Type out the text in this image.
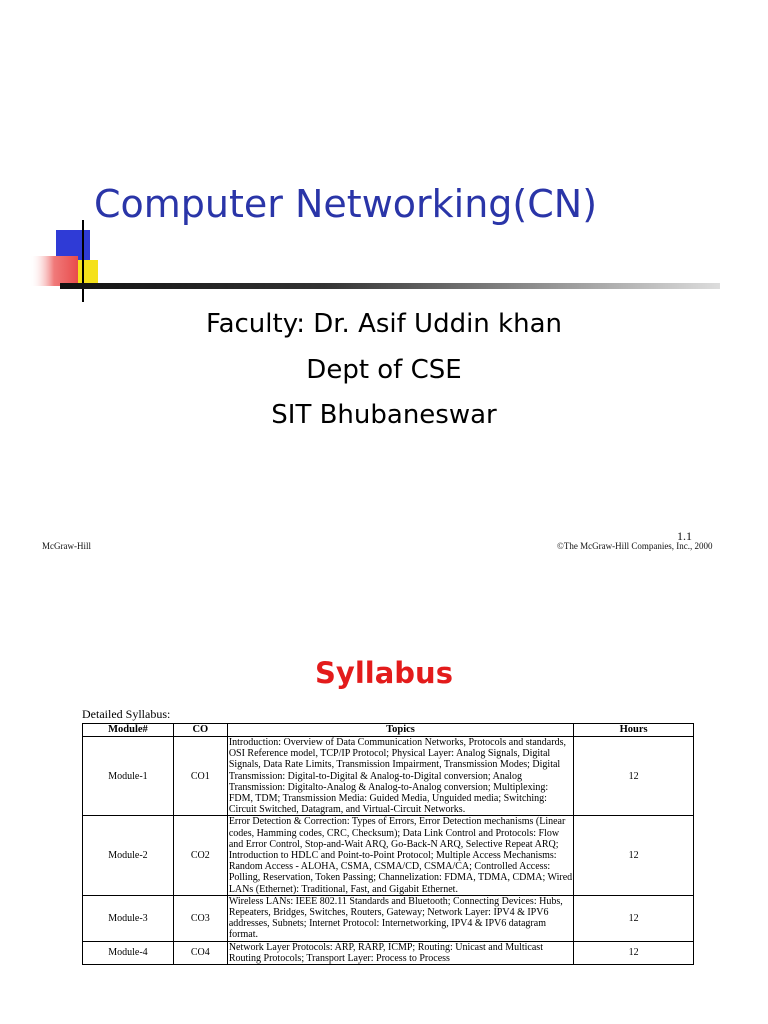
Computer Networking(CN)
Faculty: Dr. Asif Uddin khan
Dept of CSE
SIT Bhubaneswar
McGraw-Hill
1.1
©The McGraw-Hill Companies, Inc., 2000
Syllabus
Detailed Syllabus:
Module#	CO	Topics	Hours
Module-1	CO1	Introduction: Overview of Data Communication Networks, Protocols and standards, OSI Reference model, TCP/IP Protocol; Physical Layer: Analog Signals, Digital Signals, Data Rate Limits, Transmission Impairment, Transmission Modes; Digital Transmission: Digital-to-Digital & Analog-to-Digital conversion; Analog Transmission: Digitalto-Analog & Analog-to-Analog conversion; Multiplexing: FDM, TDM; Transmission Media: Guided Media, Unguided media; Switching: Circuit Switched, Datagram, and Virtual-Circuit Networks.	12
Module-2	CO2	Error Detection & Correction: Types of Errors, Error Detection mechanisms (Linear codes, Hamming codes, CRC, Checksum); Data Link Control and Protocols: Flow and Error Control, Stop-and-Wait ARQ, Go-Back-N ARQ, Selective Repeat ARQ; Introduction to HDLC and Point-to-Point Protocol; Multiple Access Mechanisms: Random Access - ALOHA, CSMA, CSMA/CD, CSMA/CA; Controlled Access: Polling, Reservation, Token Passing; Channelization: FDMA, TDMA, CDMA; Wired LANs (Ethernet): Traditional, Fast, and Gigabit Ethernet.	12
Module-3	CO3	Wireless LANs: IEEE 802.11 Standards and Bluetooth; Connecting Devices: Hubs, Repeaters, Bridges, Switches, Routers, Gateway; Network Layer: IPV4 & IPV6 addresses, Subnets; Internet Protocol: Internetworking, IPV4 & IPV6 datagram format.	12
Module-4	CO4	Network Layer Protocols: ARP, RARP, ICMP; Routing: Unicast and Multicast Routing Protocols; Transport Layer: Process to Process	12
